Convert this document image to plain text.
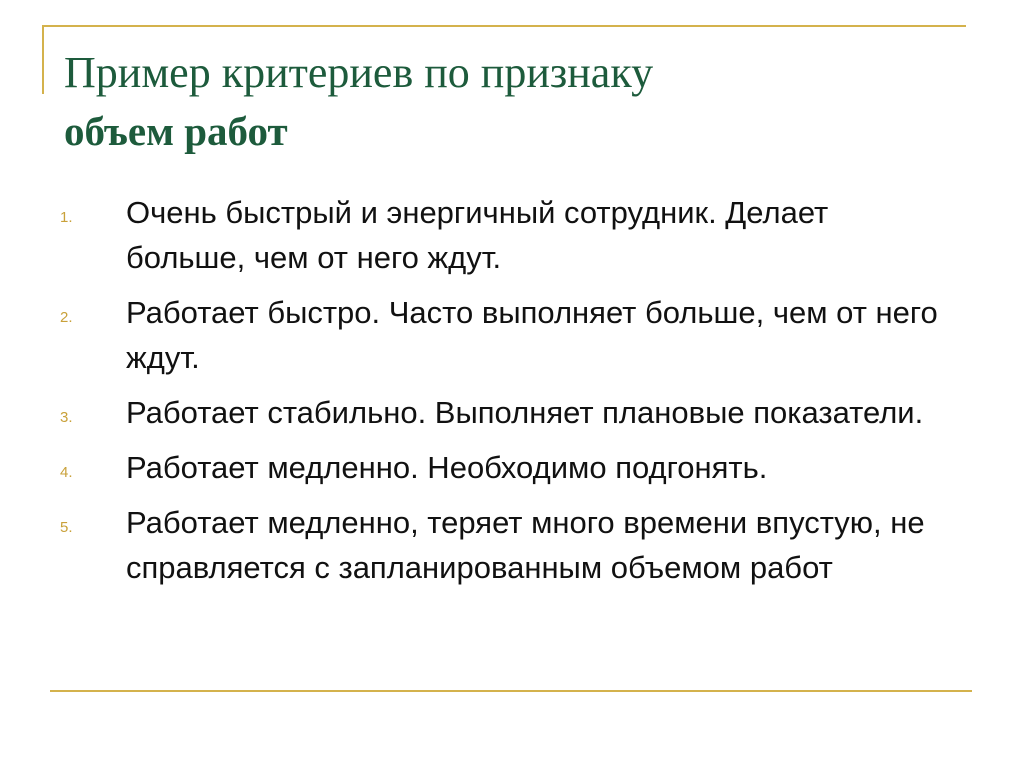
Пример критериев по признаку
объем работ
1. Очень быстрый и энергичный сотрудник. Делает больше, чем от него ждут.
2. Работает быстро. Часто выполняет больше, чем от него ждут.
3. Работает стабильно. Выполняет плановые показатели.
4. Работает медленно. Необходимо подгонять.
5. Работает медленно, теряет много времени впустую, не справляется с запланированным объемом работ
